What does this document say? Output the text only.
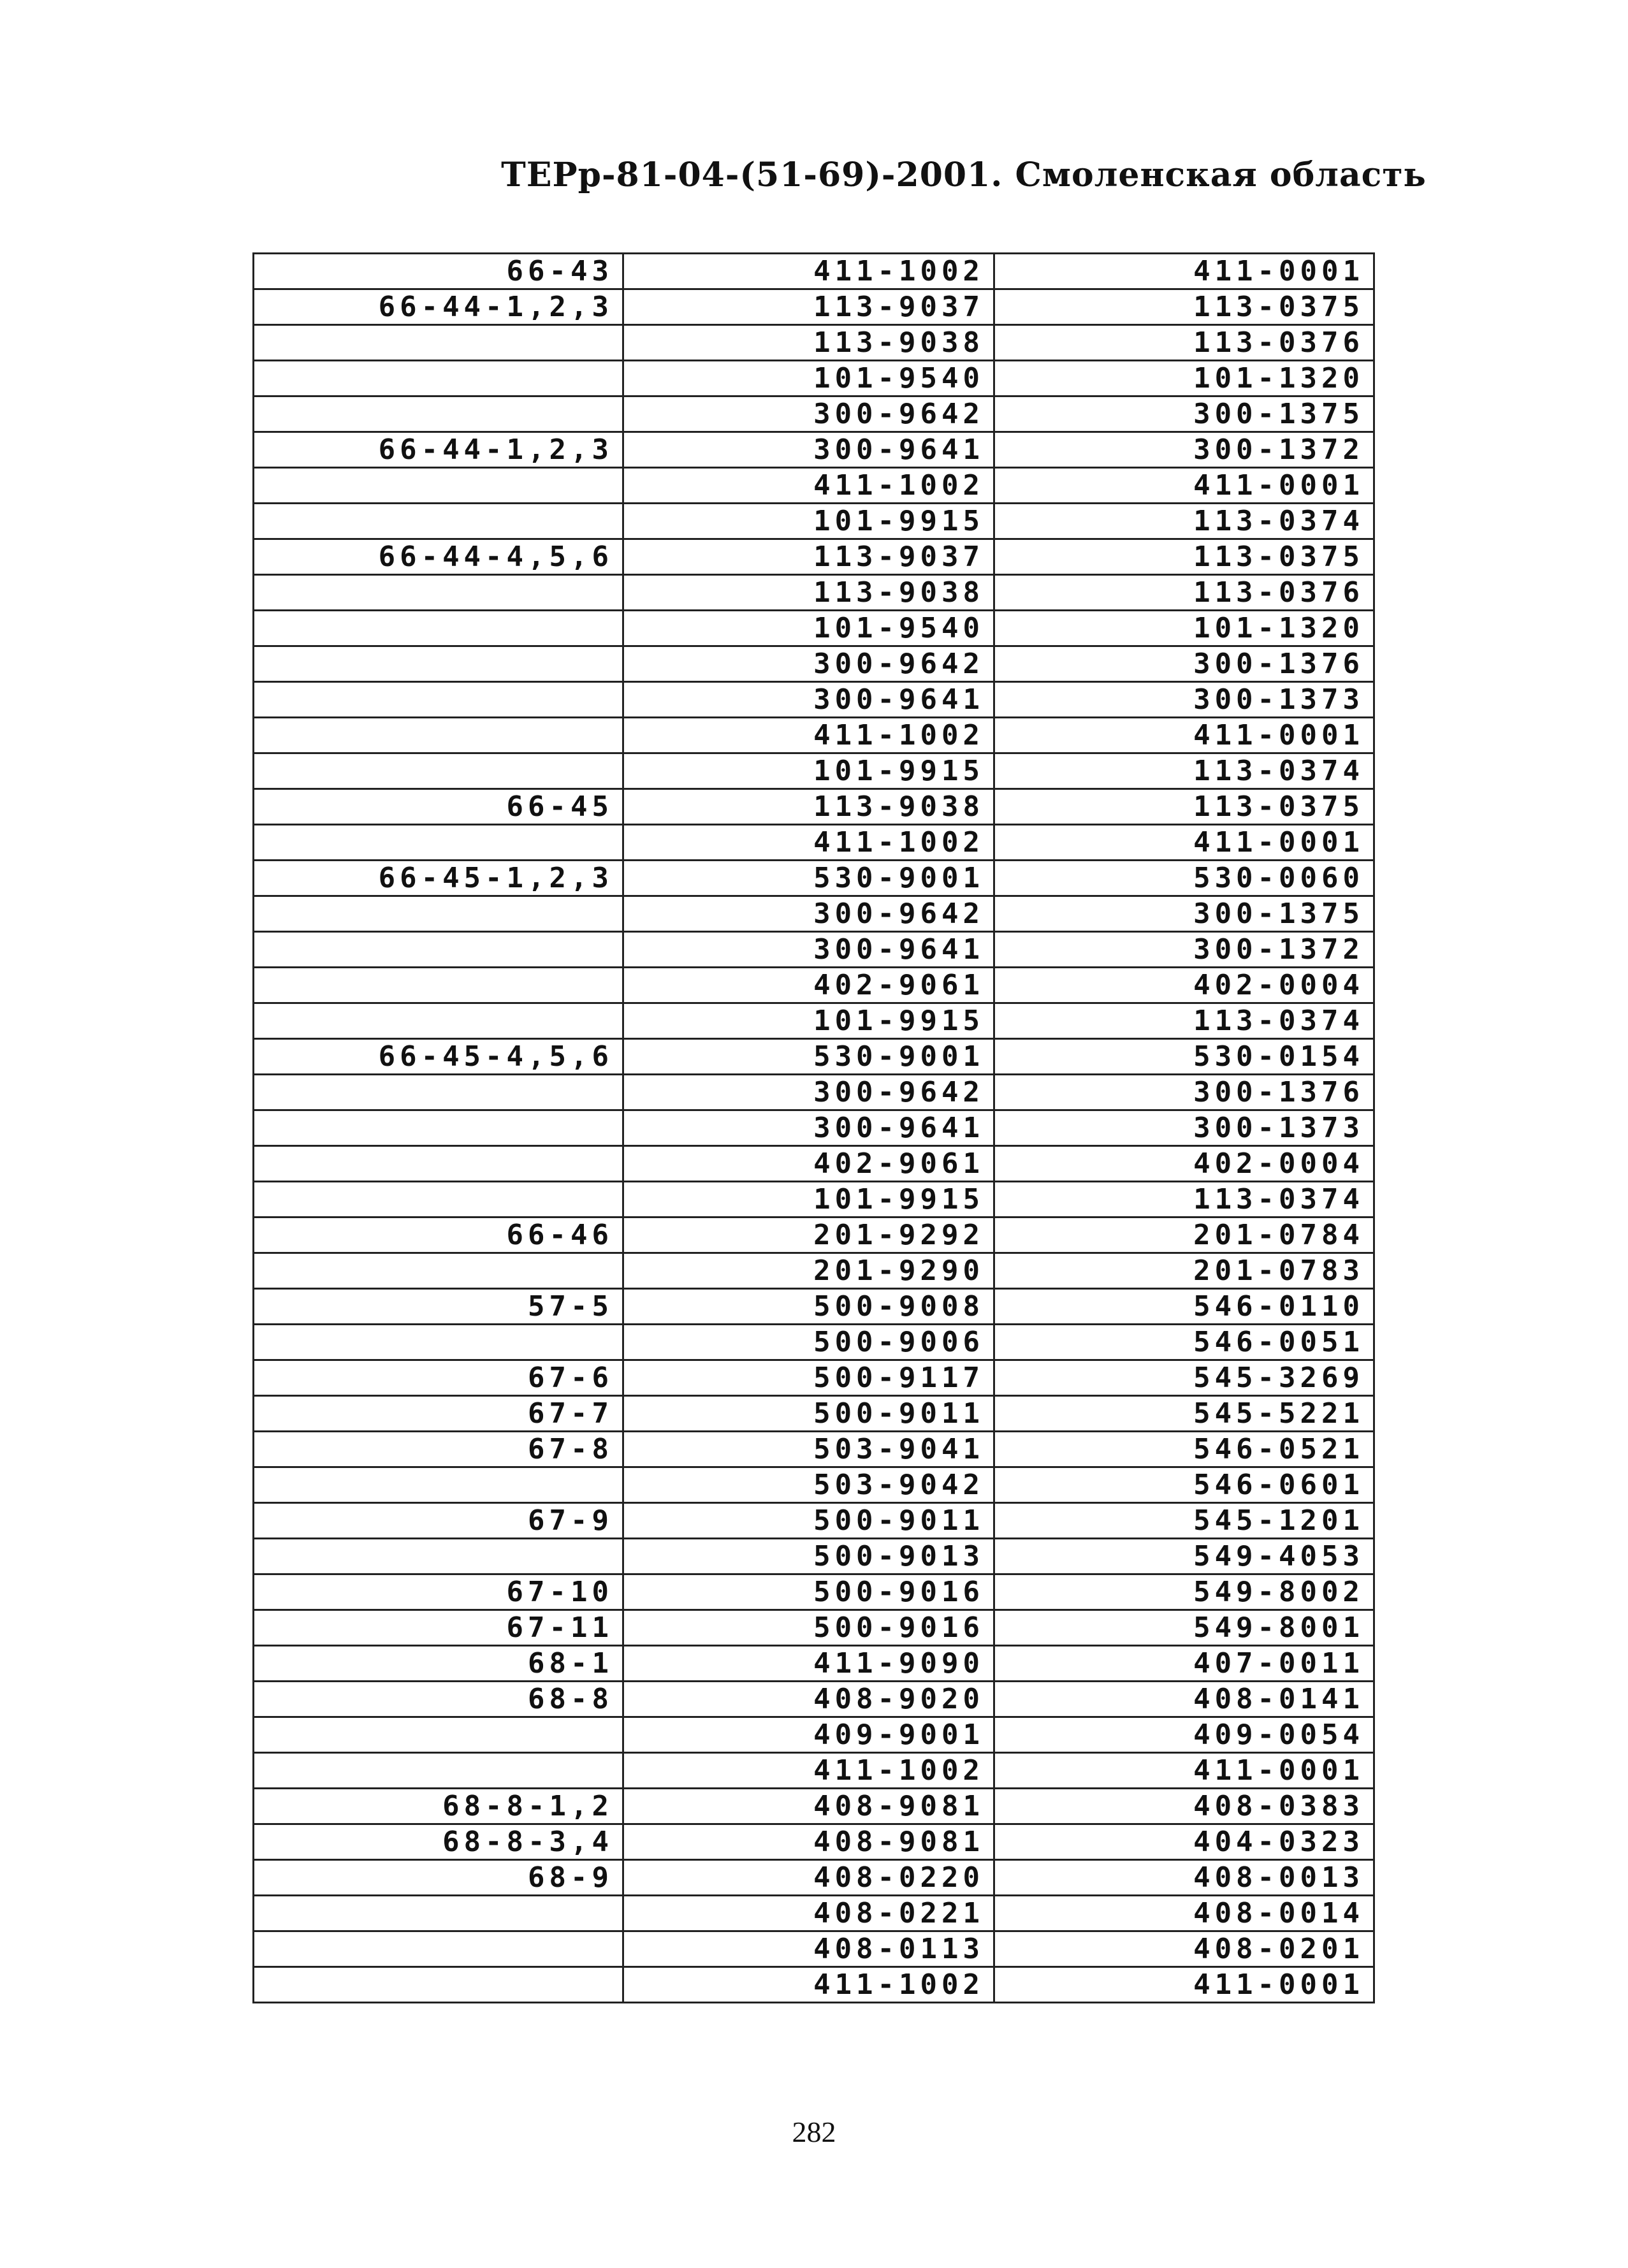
ТЕРр-81-04-(51-69)-2001. Смоленская область
66-43	411-1002	411-0001
66-44-1,2,3	113-9037	113-0375
	113-9038	113-0376
	101-9540	101-1320
	300-9642	300-1375
66-44-1,2,3	300-9641	300-1372
	411-1002	411-0001
	101-9915	113-0374
66-44-4,5,6	113-9037	113-0375
	113-9038	113-0376
	101-9540	101-1320
	300-9642	300-1376
	300-9641	300-1373
	411-1002	411-0001
	101-9915	113-0374
66-45	113-9038	113-0375
	411-1002	411-0001
66-45-1,2,3	530-9001	530-0060
	300-9642	300-1375
	300-9641	300-1372
	402-9061	402-0004
	101-9915	113-0374
66-45-4,5,6	530-9001	530-0154
	300-9642	300-1376
	300-9641	300-1373
	402-9061	402-0004
	101-9915	113-0374
66-46	201-9292	201-0784
	201-9290	201-0783
57-5	500-9008	546-0110
	500-9006	546-0051
67-6	500-9117	545-3269
67-7	500-9011	545-5221
67-8	503-9041	546-0521
	503-9042	546-0601
67-9	500-9011	545-1201
	500-9013	549-4053
67-10	500-9016	549-8002
67-11	500-9016	549-8001
68-1	411-9090	407-0011
68-8	408-9020	408-0141
	409-9001	409-0054
	411-1002	411-0001
68-8-1,2	408-9081	408-0383
68-8-3,4	408-9081	404-0323
68-9	408-0220	408-0013
	408-0221	408-0014
	408-0113	408-0201
	411-1002	411-0001
282
